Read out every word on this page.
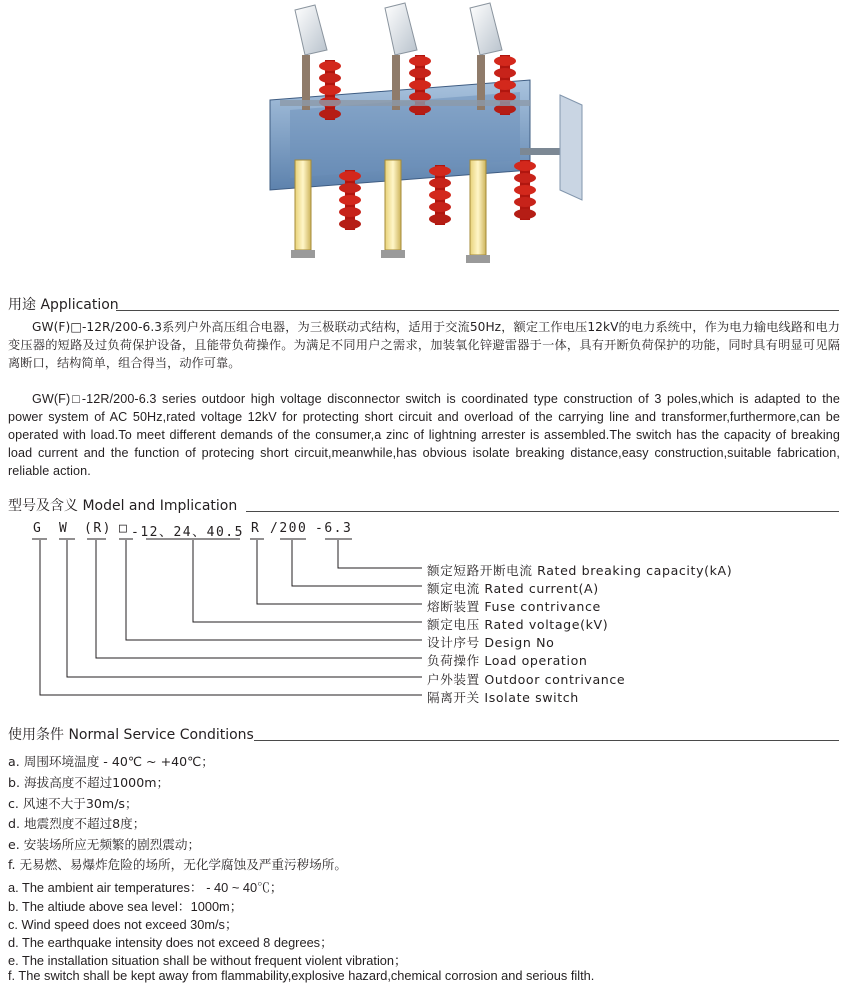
用途 Application
GW(F)□-12R/200-6.3系列户外高压组合电器，为三极联动式结构，适用于交流50Hz，额定工作电压12kV的电力系统中，作为电力输电线路和电力变压器的短路及过负荷保护设备，且能带负荷操作。为满足不同用户之需求，加装氧化锌避雷器于一体，具有开断负荷保护的功能，同时具有明显可见隔离断口，结构简单，组合得当，动作可靠。
GW(F)□-12R/200-6.3 series outdoor high voltage disconnector switch is coordinated type construction of 3 poles,which is adapted to the power system of AC 50Hz,rated voltage 12kV for protecting short circuit and overload of the carrying line and transformer,furthermore,can be operated with load.To meet different demands of the consumer,a zinc of lightning arrester is assembled.The switch has the capacity of breaking load current and the function of protecing short circuit,meanwhile,has obvious isolate breaking distance,easy construction,suitable fabrication, reliable action.
型号及含义 Model and Implication
G W (R) □ -12、24、40.5 R /200 -6.3
额定短路开断电流 Rated breaking capacity(kA)
额定电流 Rated current(A)
熔断装置 Fuse contrivance
额定电压 Rated voltage(kV)
设计序号 Design No
负荷操作 Load operation
户外装置 Outdoor contrivance
隔离开关 Isolate switch
使用条件 Normal Service Conditions
a. 周围环境温度 - 40℃ ~ +40℃；
b. 海拔高度不超过1000m；
c. 风速不大于30m/s；
d. 地震烈度不超过8度；
e. 安装场所应无频繁的剧烈震动；
f. 无易燃、易爆炸危险的场所，无化学腐蚀及严重污秽场所。
a. The ambient air temperatures： - 40 ~ 40℃；
b. The altiude above sea level：1000m；
c. Wind speed does not exceed 30m/s；
d. The earthquake intensity does not exceed 8 degrees；
e. The installation situation shall be without frequent violent vibration；
f. The switch shall be kept away from flammability,explosive hazard,chemical corrosion and serious filth.
